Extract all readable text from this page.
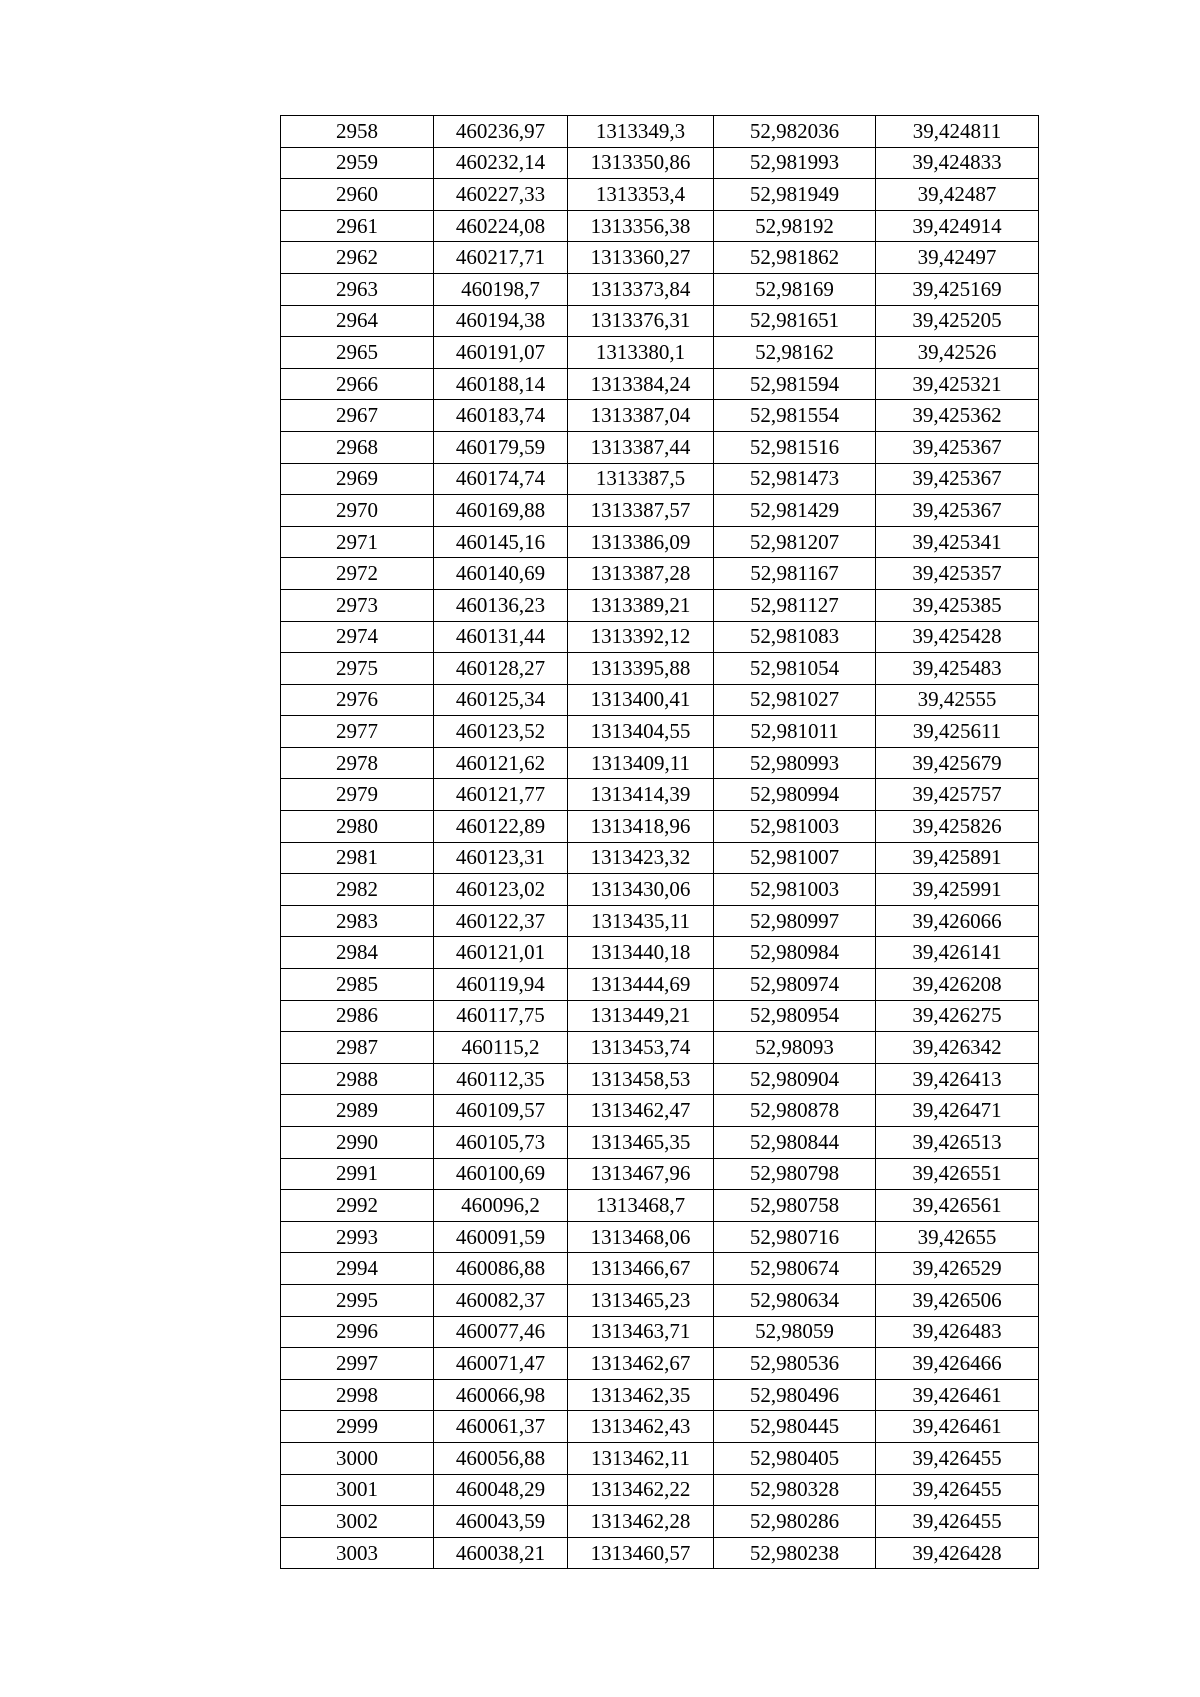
2958	460236,97	1313349,3	52,982036	39,424811
2959	460232,14	1313350,86	52,981993	39,424833
2960	460227,33	1313353,4	52,981949	39,42487
2961	460224,08	1313356,38	52,98192	39,424914
2962	460217,71	1313360,27	52,981862	39,42497
2963	460198,7	1313373,84	52,98169	39,425169
2964	460194,38	1313376,31	52,981651	39,425205
2965	460191,07	1313380,1	52,98162	39,42526
2966	460188,14	1313384,24	52,981594	39,425321
2967	460183,74	1313387,04	52,981554	39,425362
2968	460179,59	1313387,44	52,981516	39,425367
2969	460174,74	1313387,5	52,981473	39,425367
2970	460169,88	1313387,57	52,981429	39,425367
2971	460145,16	1313386,09	52,981207	39,425341
2972	460140,69	1313387,28	52,981167	39,425357
2973	460136,23	1313389,21	52,981127	39,425385
2974	460131,44	1313392,12	52,981083	39,425428
2975	460128,27	1313395,88	52,981054	39,425483
2976	460125,34	1313400,41	52,981027	39,42555
2977	460123,52	1313404,55	52,981011	39,425611
2978	460121,62	1313409,11	52,980993	39,425679
2979	460121,77	1313414,39	52,980994	39,425757
2980	460122,89	1313418,96	52,981003	39,425826
2981	460123,31	1313423,32	52,981007	39,425891
2982	460123,02	1313430,06	52,981003	39,425991
2983	460122,37	1313435,11	52,980997	39,426066
2984	460121,01	1313440,18	52,980984	39,426141
2985	460119,94	1313444,69	52,980974	39,426208
2986	460117,75	1313449,21	52,980954	39,426275
2987	460115,2	1313453,74	52,98093	39,426342
2988	460112,35	1313458,53	52,980904	39,426413
2989	460109,57	1313462,47	52,980878	39,426471
2990	460105,73	1313465,35	52,980844	39,426513
2991	460100,69	1313467,96	52,980798	39,426551
2992	460096,2	1313468,7	52,980758	39,426561
2993	460091,59	1313468,06	52,980716	39,42655
2994	460086,88	1313466,67	52,980674	39,426529
2995	460082,37	1313465,23	52,980634	39,426506
2996	460077,46	1313463,71	52,98059	39,426483
2997	460071,47	1313462,67	52,980536	39,426466
2998	460066,98	1313462,35	52,980496	39,426461
2999	460061,37	1313462,43	52,980445	39,426461
3000	460056,88	1313462,11	52,980405	39,426455
3001	460048,29	1313462,22	52,980328	39,426455
3002	460043,59	1313462,28	52,980286	39,426455
3003	460038,21	1313460,57	52,980238	39,426428
